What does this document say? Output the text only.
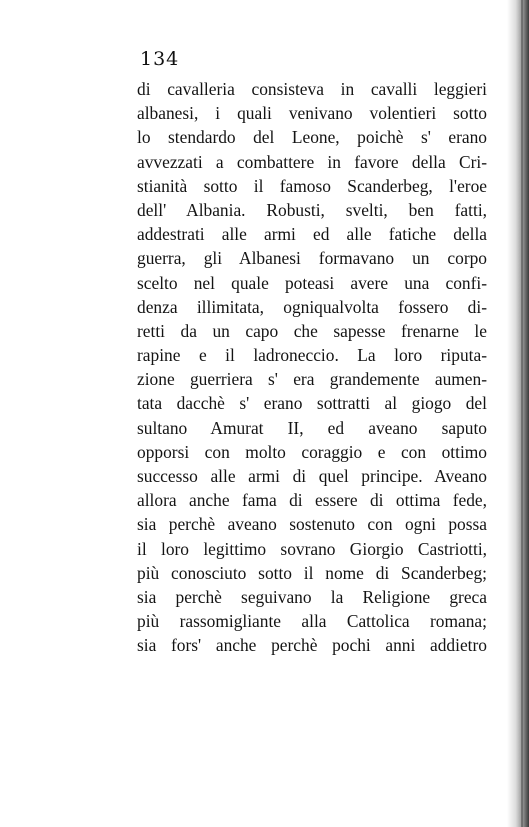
134
di cavalleria consisteva in cavalli leggieri
albanesi, i quali venivano volentieri sotto
lo stendardo del Leone, poichè s' erano
avvezzati a combattere in favore della Cri-
stianità sotto il famoso Scanderbeg, l'eroe
dell' Albania. Robusti, svelti, ben fatti,
addestrati alle armi ed alle fatiche della
guerra, gli Albanesi formavano un corpo
scelto nel quale poteasi avere una confi-
denza illimitata, ogniqualvolta fossero di-
retti da un capo che sapesse frenarne le
rapine e il ladroneccio. La loro riputa-
zione guerriera s' era grandemente aumen-
tata dacchè s' erano sottratti al giogo del
sultano Amurat II, ed aveano saputo
opporsi con molto coraggio e con ottimo
successo alle armi di quel principe. Aveano
allora anche fama di essere di ottima fede,
sia perchè aveano sostenuto con ogni possa
il loro legittimo sovrano Giorgio Castriotti,
più conosciuto sotto il nome di Scanderbeg;
sia perchè seguivano la Religione greca
più rassomigliante alla Cattolica romana;
sia fors' anche perchè pochi anni addietro
